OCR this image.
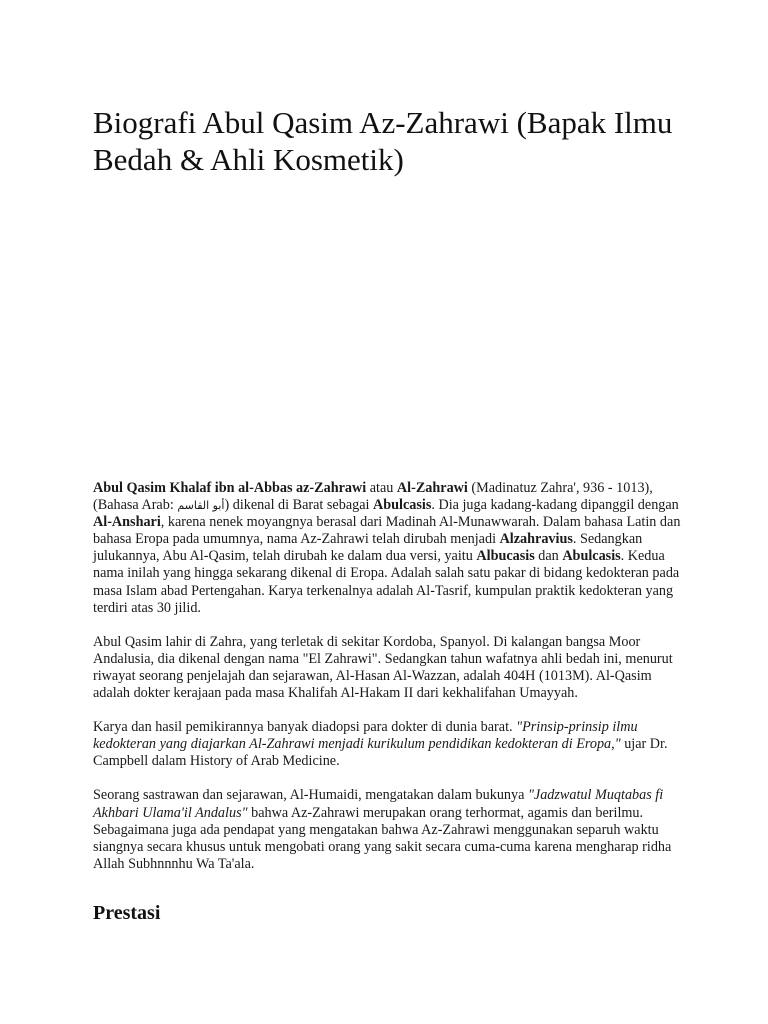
Biografi Abul Qasim Az-Zahrawi (Bapak Ilmu Bedah & Ahli Kosmetik)

Abul Qasim Khalaf ibn al-Abbas az-Zahrawi atau Al-Zahrawi (Madinatuz Zahra', 936 - 1013), (Bahasa Arab: أبو القاسم) dikenal di Barat sebagai Abulcasis. Dia juga kadang-kadang dipanggil dengan Al-Anshari, karena nenek moyangnya berasal dari Madinah Al-Munawwarah. Dalam bahasa Latin dan bahasa Eropa pada umumnya, nama Az-Zahrawi telah dirubah menjadi Alzahravius. Sedangkan julukannya, Abu Al-Qasim, telah dirubah ke dalam dua versi, yaitu Albucasis dan Abulcasis. Kedua nama inilah yang hingga sekarang dikenal di Eropa. Adalah salah satu pakar di bidang kedokteran pada masa Islam abad Pertengahan. Karya terkenalnya adalah Al-Tasrif, kumpulan praktik kedokteran yang terdiri atas 30 jilid.

Abul Qasim lahir di Zahra, yang terletak di sekitar Kordoba, Spanyol. Di kalangan bangsa Moor Andalusia, dia dikenal dengan nama "El Zahrawi". Sedangkan tahun wafatnya ahli bedah ini, menurut riwayat seorang penjelajah dan sejarawan, Al-Hasan Al-Wazzan, adalah 404H (1013M). Al-Qasim adalah dokter kerajaan pada masa Khalifah Al-Hakam II dari kekhalifahan Umayyah.

Karya dan hasil pemikirannya banyak diadopsi para dokter di dunia barat. "Prinsip-prinsip ilmu kedokteran yang diajarkan Al-Zahrawi menjadi kurikulum pendidikan kedokteran di Eropa," ujar Dr. Campbell dalam History of Arab Medicine.

Seorang sastrawan dan sejarawan, Al-Humaidi, mengatakan dalam bukunya "Jadzwatul Muqtabas fi Akhbari Ulama'il Andalus" bahwa Az-Zahrawi merupakan orang terhormat, agamis dan berilmu. Sebagaimana juga ada pendapat yang mengatakan bahwa Az-Zahrawi menggunakan separuh waktu siangnya secara khusus untuk mengobati orang yang sakit secara cuma-cuma karena mengharap ridha Allah Subhnnnhu Wa Ta'ala.

Prestasi
